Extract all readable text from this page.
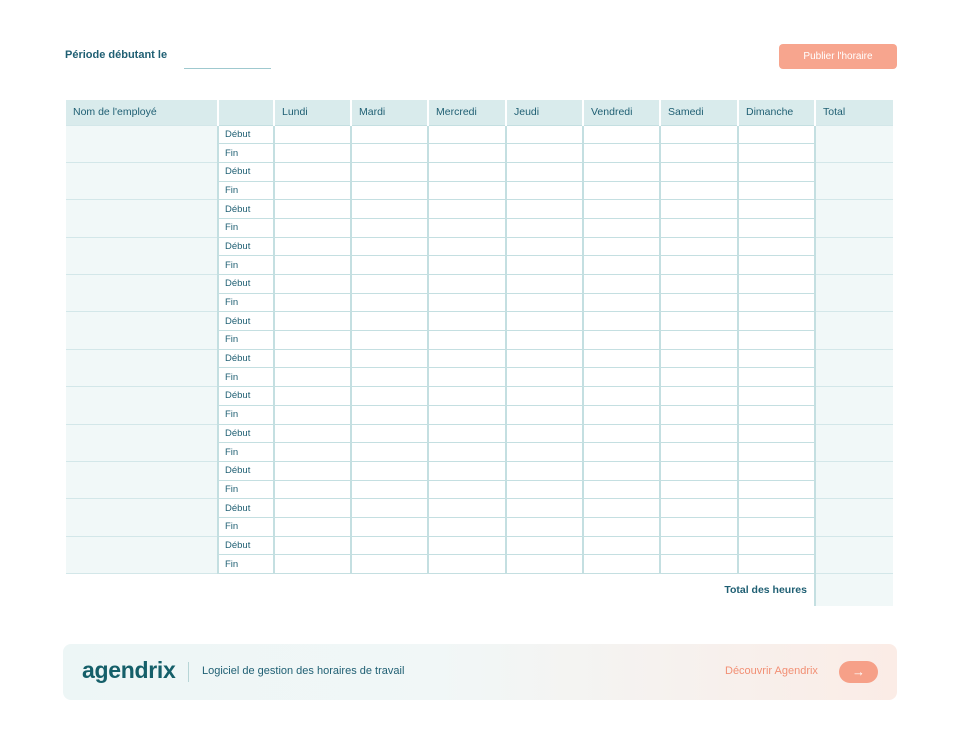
Période débutant le	Publier l'horaire
Nom de l'employé		Lundi	Mardi	Mercredi	Jeudi	Vendredi	Samedi	Dimanche	Total
	Début								
	Fin								
	Début								
	Fin								
	Début								
	Fin								
	Début								
	Fin								
	Début								
	Fin								
	Début								
	Fin								
	Début								
	Fin								
	Début								
	Fin								
	Début								
	Fin								
	Début								
	Fin								
	Début								
	Fin								
	Début								
	Fin								
Total des heures									
agendrix Logiciel de gestion des horaires de travail	Découvrir Agendrix	→
